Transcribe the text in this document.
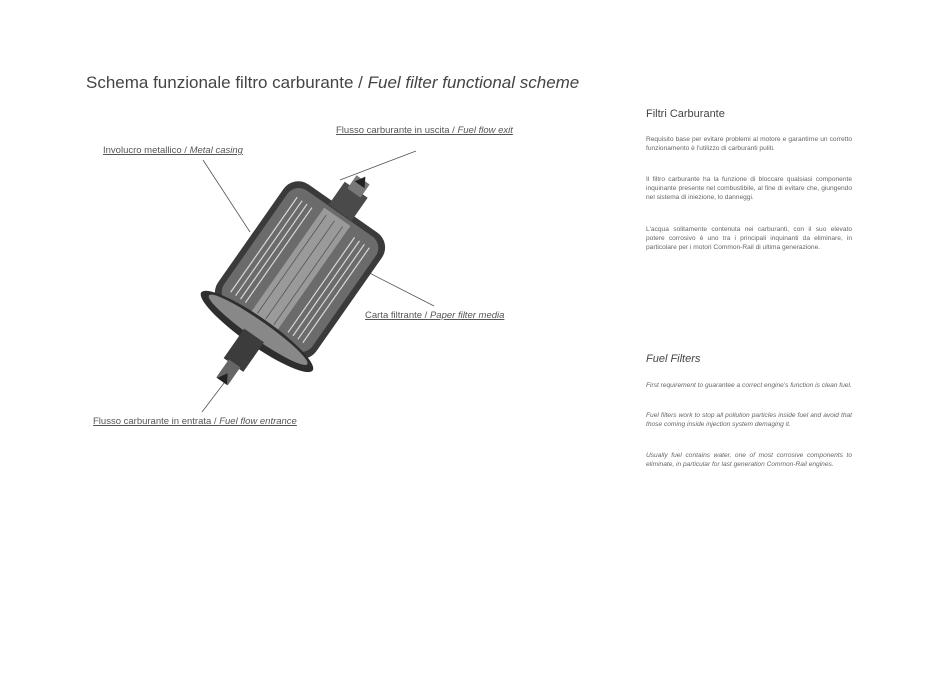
Schema funzionale filtro carburante / Fuel filter functional scheme
Involucro metallico / Metal casing
Flusso carburante in uscita / Fuel flow exit
Carta filtrante / Paper filter media
Flusso carburante in entrata / Fuel flow entrance
Filtri Carburante

Requisito base per evitare problemi al motore e garantirne un corretto funzionamento è l'utilizzo di carburanti puliti.

Il filtro carburante ha la funzione di bloccare qualsiasi componente inquinante presente nel combustibile, al fine di evitare che, giungendo nel sistema di iniezione, lo danneggi.

L'acqua solitamente contenuta nei carburanti, con il suo elevato potere corrosivo è uno tra i principali inquinanti da eliminare, in particolare per i motori Common-Rail di ultima generazione.

Fuel Filters

First requirement to guarantee a correct engine's function is clean fuel.

Fuel filters work to stop all pollution particles inside fuel and avoid that those coming inside injection system demaging it.

Usually fuel contains water, one of most corrosive components to eliminate, in particular for last generation Common-Rail engines.
